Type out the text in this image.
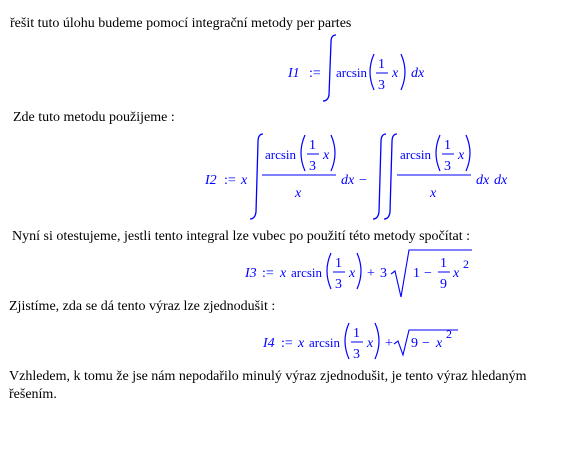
řešit tuto úlohu budeme pomocí integrační metody per partes
Zde tuto metodu použijeme :
Nyní si otestujeme, jestli tento integral lze vubec po použití této metody spočítat :
Zjistíme, zda se dá tento výraz lze zjednodušit :
Vzhledem, k tomu že jse nám nepodařilo minulý výraz zjednodušit, je tento výraz hledaným řešením.
I1 := arcsin
1
3
x dx
I2 := x
arcsin
1
3
x
x
dx −
arcsin
1
3
x
x
dx dx
I3 := x arcsin
1
3
x + 3 1 −
1
9
x
2
I4 := x arcsin
1
3
x + 9 − x
2
